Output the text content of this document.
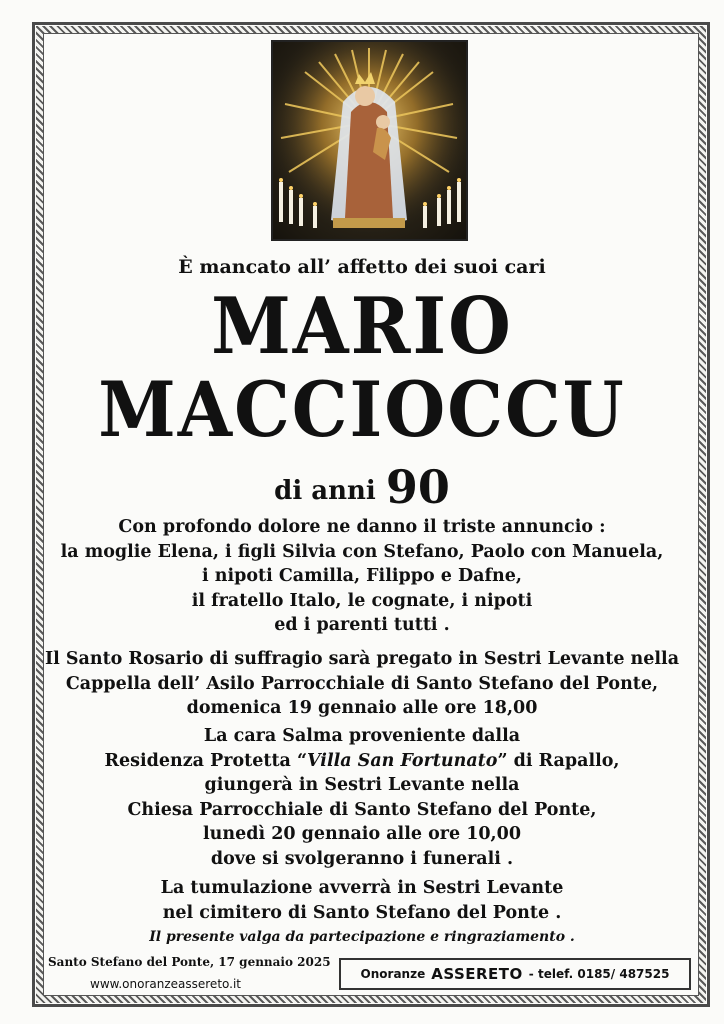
È mancato all’ affetto dei suoi cari
MARIO
MACCIOCCU
di anni 90
Con profondo dolore ne danno il triste annuncio :
la moglie Elena, i figli Silvia con Stefano, Paolo con Manuela,
i nipoti Camilla, Filippo e Dafne,
il fratello Italo, le cognate, i nipoti
ed i parenti tutti .
Il Santo Rosario di suffragio sarà pregato in Sestri Levante nella
Cappella dell’ Asilo Parrocchiale di Santo Stefano del Ponte,
domenica 19 gennaio alle ore 18,00
La cara Salma proveniente dalla
Residenza Protetta “Villa San Fortunato” di Rapallo,
giungerà in Sestri Levante nella
Chiesa Parrocchiale di Santo Stefano del Ponte,
lunedì 20 gennaio alle ore 10,00
dove si svolgeranno i funerali .
La tumulazione avverrà in Sestri Levante
nel cimitero di Santo Stefano del Ponte .
Il presente valga da partecipazione e ringraziamento .
Santo Stefano del Ponte, 17 gennaio 2025
www.onoranzeassereto.it
Onoranze ASSERETO - telef. 0185/ 487525
